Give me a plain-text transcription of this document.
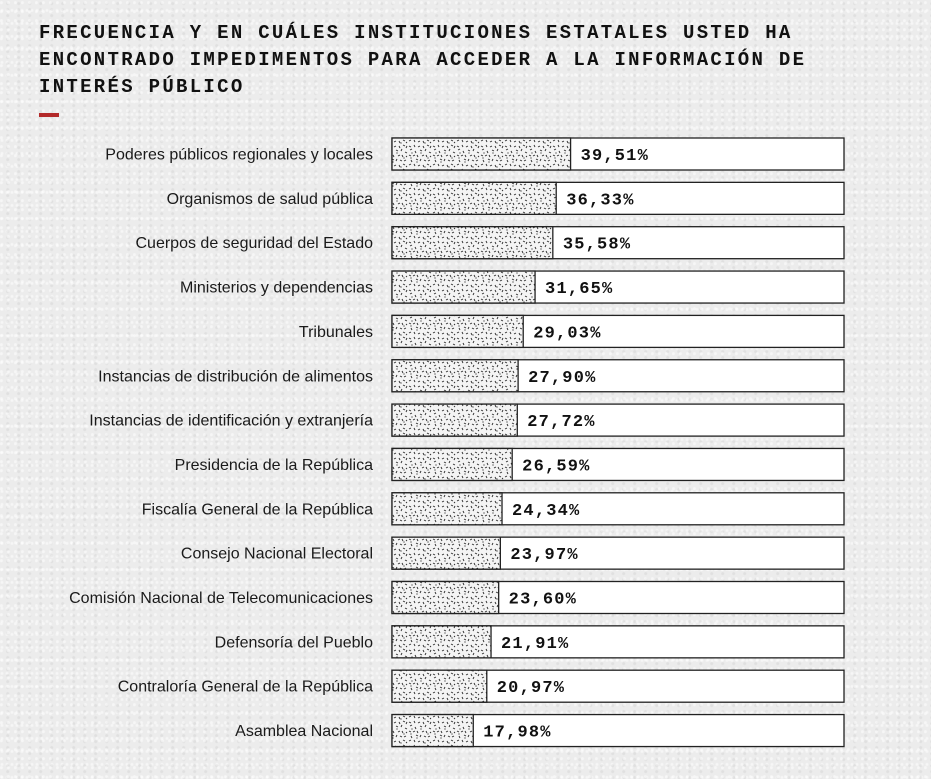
FRECUENCIA Y EN CUÁLES INSTITUCIONES ESTATALES USTED HA ENCONTRADO IMPEDIMENTOS PARA ACCEDER A LA INFORMACIÓN DE INTERÉS PÚBLICO
Poderes públicos regionales y locales	39,51%
Organismos de salud pública	36,33%
Cuerpos de seguridad del Estado	35,58%
Ministerios y dependencias	31,65%
Tribunales	29,03%
Instancias de distribución de alimentos	27,90%
Instancias de identificación y extranjería	27,72%
Presidencia de la República	26,59%
Fiscalía General de la República	24,34%
Consejo Nacional Electoral	23,97%
Comisión Nacional de Telecomunicaciones	23,60%
Defensoría del Pueblo	21,91%
Contraloría General de la República	20,97%
Asamblea Nacional	17,98%
